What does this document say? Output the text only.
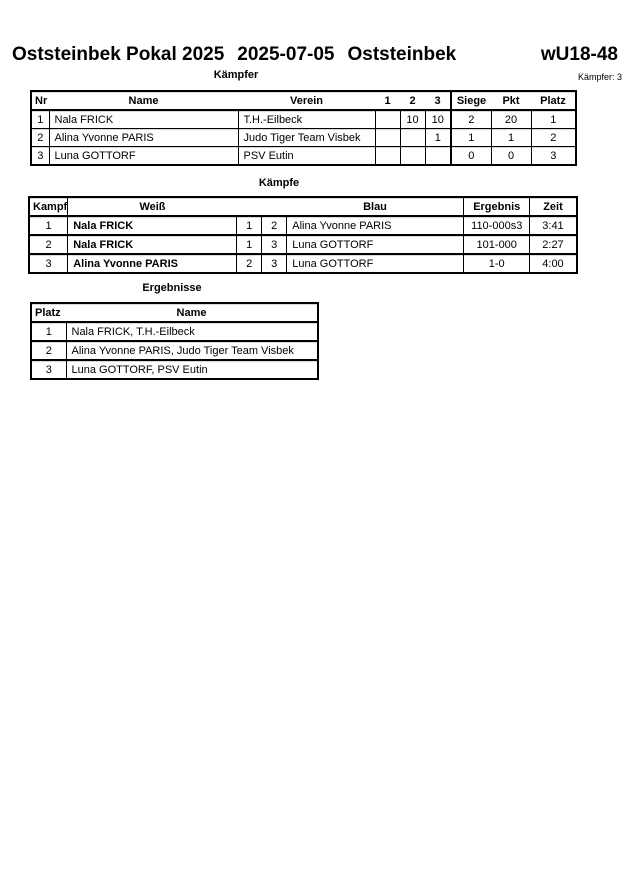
Oststeinbek Pokal 2025 2025-07-05 Oststeinbek	wU18-48
Kämpfer	Kämpfer: 3
Nr	Name	Verein	1	2	3	Siege	Pkt	Platz
1	Nala FRICK	T.H.-Eilbeck		10	10	2	20	1
2	Alina Yvonne PARIS	Judo Tiger Team Visbek			1	1	1	2
3	Luna GOTTORF	PSV Eutin				0	0	3
Kämpfe
Kampf	Weiß			Blau	Ergebnis	Zeit
1	Nala FRICK	1	2	Alina Yvonne PARIS	110-000s3	3:41
2	Nala FRICK	1	3	Luna GOTTORF	101-000	2:27
3	Alina Yvonne PARIS	2	3	Luna GOTTORF	1-0	4:00
Ergebnisse
Platz	Name
1	Nala FRICK, T.H.-Eilbeck
2	Alina Yvonne PARIS, Judo Tiger Team Visbek
3	Luna GOTTORF, PSV Eutin
